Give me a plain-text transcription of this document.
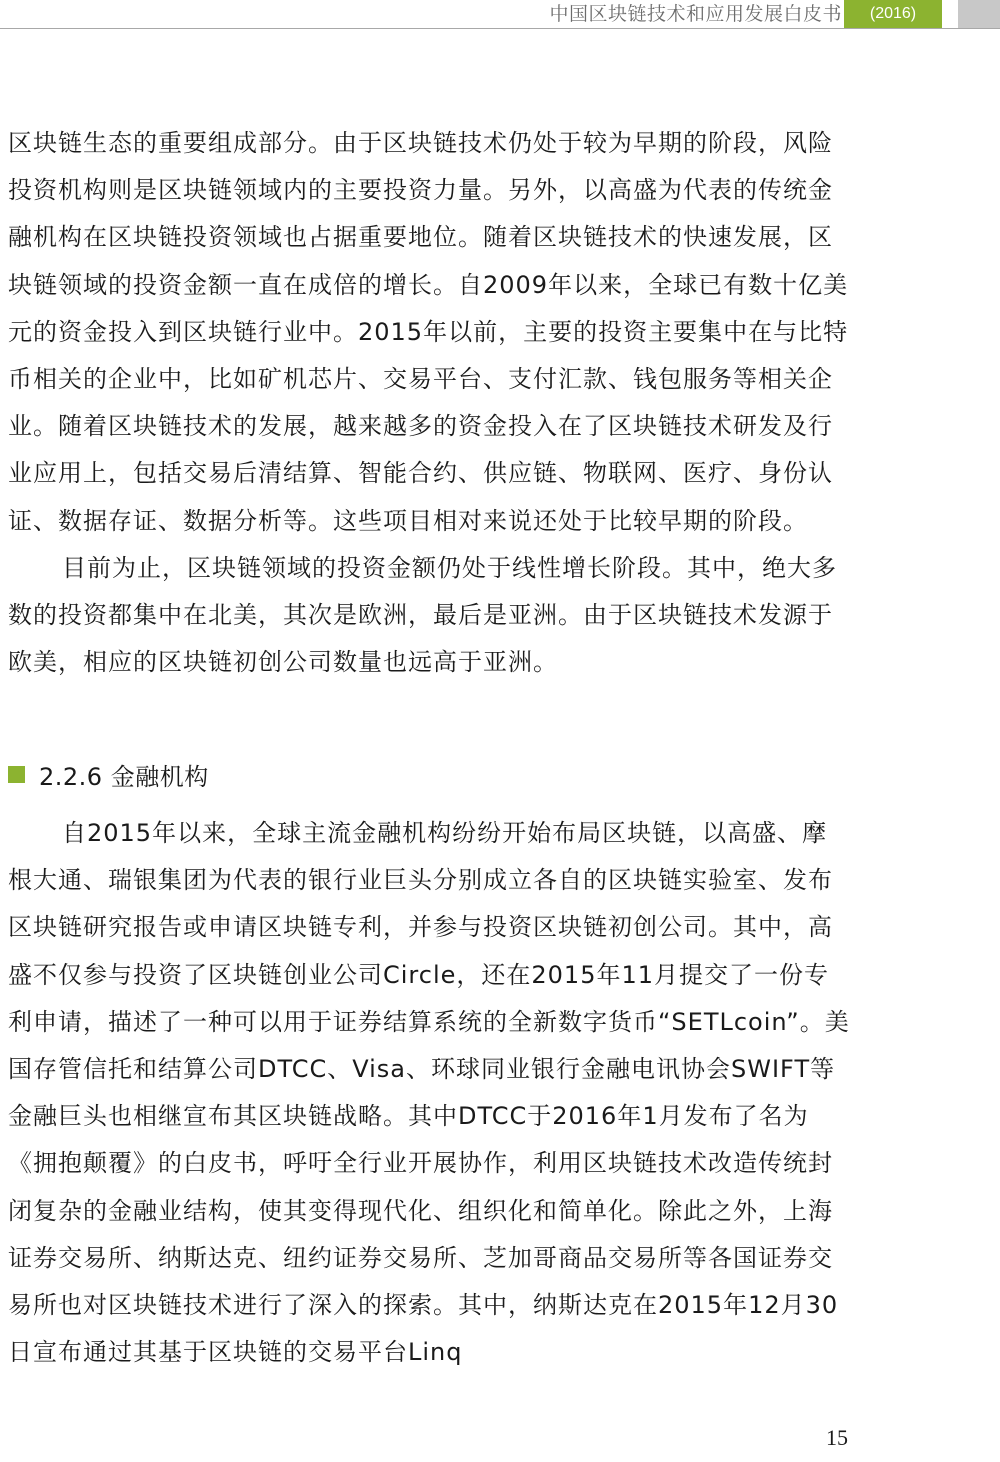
中国区块链技术和应用发展白皮书	(2016)

区块链生态的重要组成部分。由于区块链技术仍处于较为早期的阶段，风险投资机构则是区块链领域内的主要投资力量。另外，以高盛为代表的传统金融机构在区块链投资领域也占据重要地位。随着区块链技术的快速发展，区块链领域的投资金额一直在成倍的增长。自2009年以来，全球已有数十亿美元的资金投入到区块链行业中。2015年以前，主要的投资主要集中在与比特币相关的企业中，比如矿机芯片、交易平台、支付汇款、钱包服务等相关企业。随着区块链技术的发展，越来越多的资金投入在了区块链技术研发及行业应用上，包括交易后清结算、智能合约、供应链、物联网、医疗、身份认证、数据存证、数据分析等。这些项目相对来说还处于比较早期的阶段。

目前为止，区块链领域的投资金额仍处于线性增长阶段。其中，绝大多数的投资都集中在北美，其次是欧洲，最后是亚洲。由于区块链技术发源于欧美，相应的区块链初创公司数量也远高于亚洲。

2.2.6 金融机构

自2015年以来，全球主流金融机构纷纷开始布局区块链，以高盛、摩根大通、瑞银集团为代表的银行业巨头分别成立各自的区块链实验室、发布区块链研究报告或申请区块链专利，并参与投资区块链初创公司。其中，高盛不仅参与投资了区块链创业公司Circle，还在2015年11月提交了一份专利申请，描述了一种可以用于证券结算系统的全新数字货币“SETLcoin”。美国存管信托和结算公司DTCC、Visa、环球同业银行金融电讯协会SWIFT等金融巨头也相继宣布其区块链战略。其中DTCC于2016年1月发布了名为《拥抱颠覆》的白皮书，呼吁全行业开展协作，利用区块链技术改造传统封闭复杂的金融业结构，使其变得现代化、组织化和简单化。除此之外，上海证券交易所、纳斯达克、纽约证券交易所、芝加哥商品交易所等各国证券交易所也对区块链技术进行了深入的探索。其中，纳斯达克在2015年12月30日宣布通过其基于区块链的交易平台Linq

15
